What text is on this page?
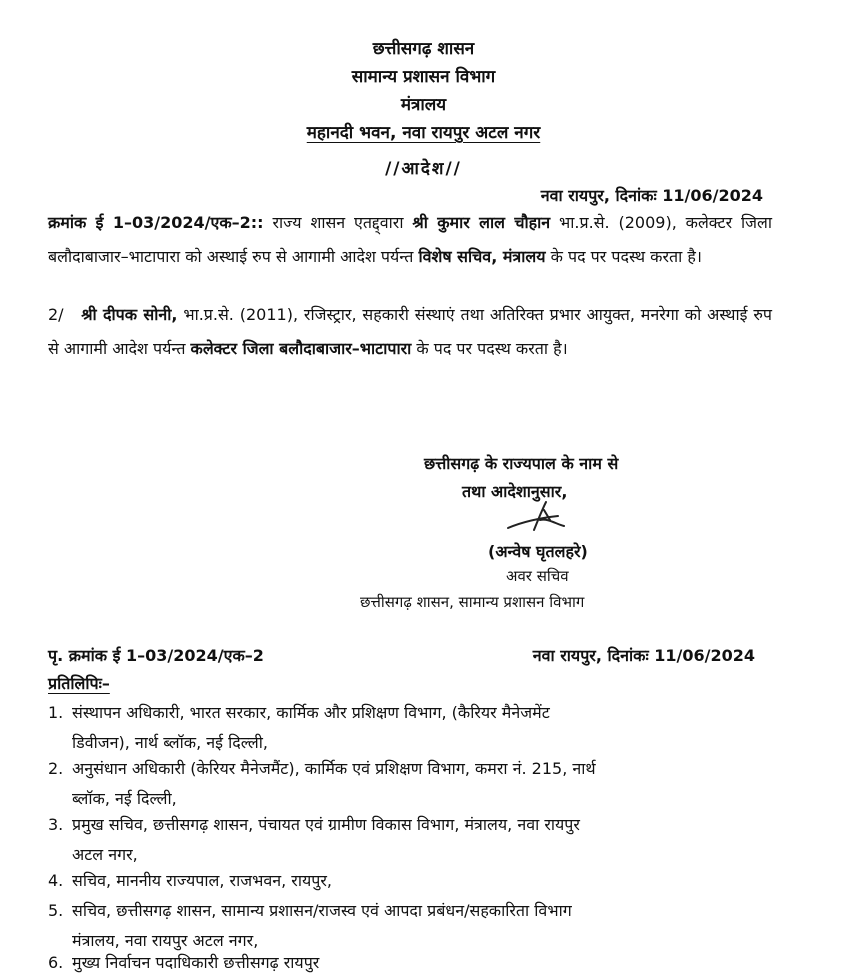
छत्तीसगढ़ शासन
सामान्य प्रशासन विभाग
मंत्रालय
महानदी भवन, नवा रायपुर अटल नगर
//आदेश//
नवा रायपुर, दिनांकः 11/06/2024
क्रमांक ई 1–03/2024/एक–2:: राज्य शासन एतद्द्वारा श्री कुमार लाल चौहान भा.प्र.से. (2009), कलेक्टर जिला बलौदाबाजार–भाटापारा को अस्थाई रुप से आगामी आदेश पर्यन्त विशेष सचिव, मंत्रालय के पद पर पदस्थ करता है।
2/ श्री दीपक सोनी, भा.प्र.से. (2011), रजिस्ट्रार, सहकारी संस्थाएं तथा अतिरिक्त प्रभार आयुक्त, मनरेगा को अस्थाई रुप से आगामी आदेश पर्यन्त कलेक्टर जिला बलौदाबाजार–भाटापारा के पद पर पदस्थ करता है।
छत्तीसगढ़ के राज्यपाल के नाम से
तथा आदेशानुसार,
(अन्वेष घृतलहरे)
अवर सचिव
छत्तीसगढ़ शासन, सामान्य प्रशासन विभाग
पृ. क्रमांक ई 1–03/2024/एक–2	नवा रायपुर, दिनांकः 11/06/2024
प्रतिलिपिः–
1. संस्थापन अधिकारी, भारत सरकार, कार्मिक और प्रशिक्षण विभाग, (कैरियर मैनेजमेंट
डिवीजन), नार्थ ब्लॉक, नई दिल्ली,
2. अनुसंधान अधिकारी (केरियर मैनेजमैंट), कार्मिक एवं प्रशिक्षण विभाग, कमरा नं. 215, नार्थ
ब्लॉक, नई दिल्ली,
3. प्रमुख सचिव, छत्तीसगढ़ शासन, पंचायत एवं ग्रामीण विकास विभाग, मंत्रालय, नवा रायपुर
अटल नगर,
4. सचिव, माननीय राज्यपाल, राजभवन, रायपुर,
5. सचिव, छत्तीसगढ़ शासन, सामान्य प्रशासन/राजस्व एवं आपदा प्रबंधन/सहकारिता विभाग
मंत्रालय, नवा रायपुर अटल नगर,
6. मुख्य निर्वाचन पदाधिकारी छत्तीसगढ़ रायपुर
